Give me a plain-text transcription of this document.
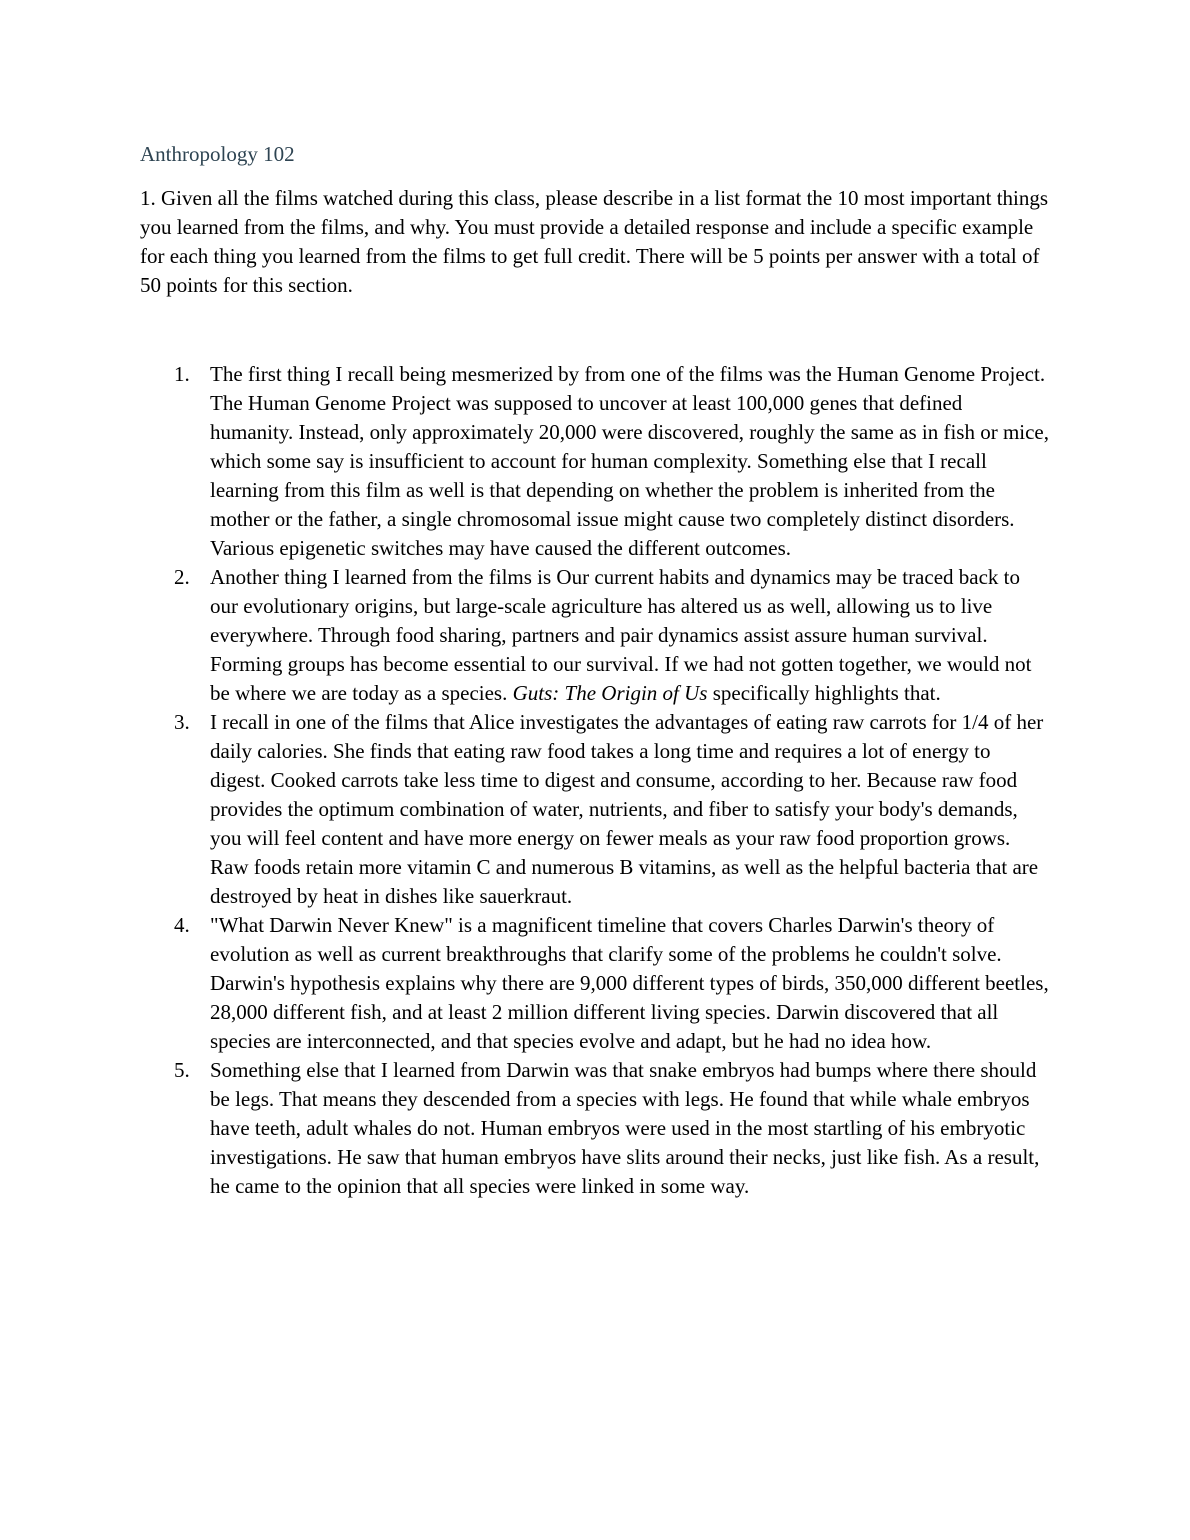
Anthropology 102

1. Given all the films watched during this class, please describe in a list format the 10 most important things you learned from the films, and why. You must provide a detailed response and include a specific example for each thing you learned from the films to get full credit. There will be 5 points per answer with a total of 50 points for this section.

1. The first thing I recall being mesmerized by from one of the films was the Human Genome Project. The Human Genome Project was supposed to uncover at least 100,000 genes that defined humanity. Instead, only approximately 20,000 were discovered, roughly the same as in fish or mice, which some say is insufficient to account for human complexity. Something else that I recall learning from this film as well is that depending on whether the problem is inherited from the mother or the father, a single chromosomal issue might cause two completely distinct disorders. Various epigenetic switches may have caused the different outcomes.
2. Another thing I learned from the films is Our current habits and dynamics may be traced back to our evolutionary origins, but large-scale agriculture has altered us as well, allowing us to live everywhere. Through food sharing, partners and pair dynamics assist assure human survival. Forming groups has become essential to our survival. If we had not gotten together, we would not be where we are today as a species. Guts: The Origin of Us specifically highlights that.
3. I recall in one of the films that Alice investigates the advantages of eating raw carrots for 1/4 of her daily calories. She finds that eating raw food takes a long time and requires a lot of energy to digest. Cooked carrots take less time to digest and consume, according to her. Because raw food provides the optimum combination of water, nutrients, and fiber to satisfy your body's demands, you will feel content and have more energy on fewer meals as your raw food proportion grows. Raw foods retain more vitamin C and numerous B vitamins, as well as the helpful bacteria that are destroyed by heat in dishes like sauerkraut.
4. "What Darwin Never Knew" is a magnificent timeline that covers Charles Darwin's theory of evolution as well as current breakthroughs that clarify some of the problems he couldn't solve. Darwin's hypothesis explains why there are 9,000 different types of birds, 350,000 different beetles, 28,000 different fish, and at least 2 million different living species. Darwin discovered that all species are interconnected, and that species evolve and adapt, but he had no idea how.
5. Something else that I learned from Darwin was that snake embryos had bumps where there should be legs. That means they descended from a species with legs. He found that while whale embryos have teeth, adult whales do not. Human embryos were used in the most startling of his embryotic investigations. He saw that human embryos have slits around their necks, just like fish. As a result, he came to the opinion that all species were linked in some way.
